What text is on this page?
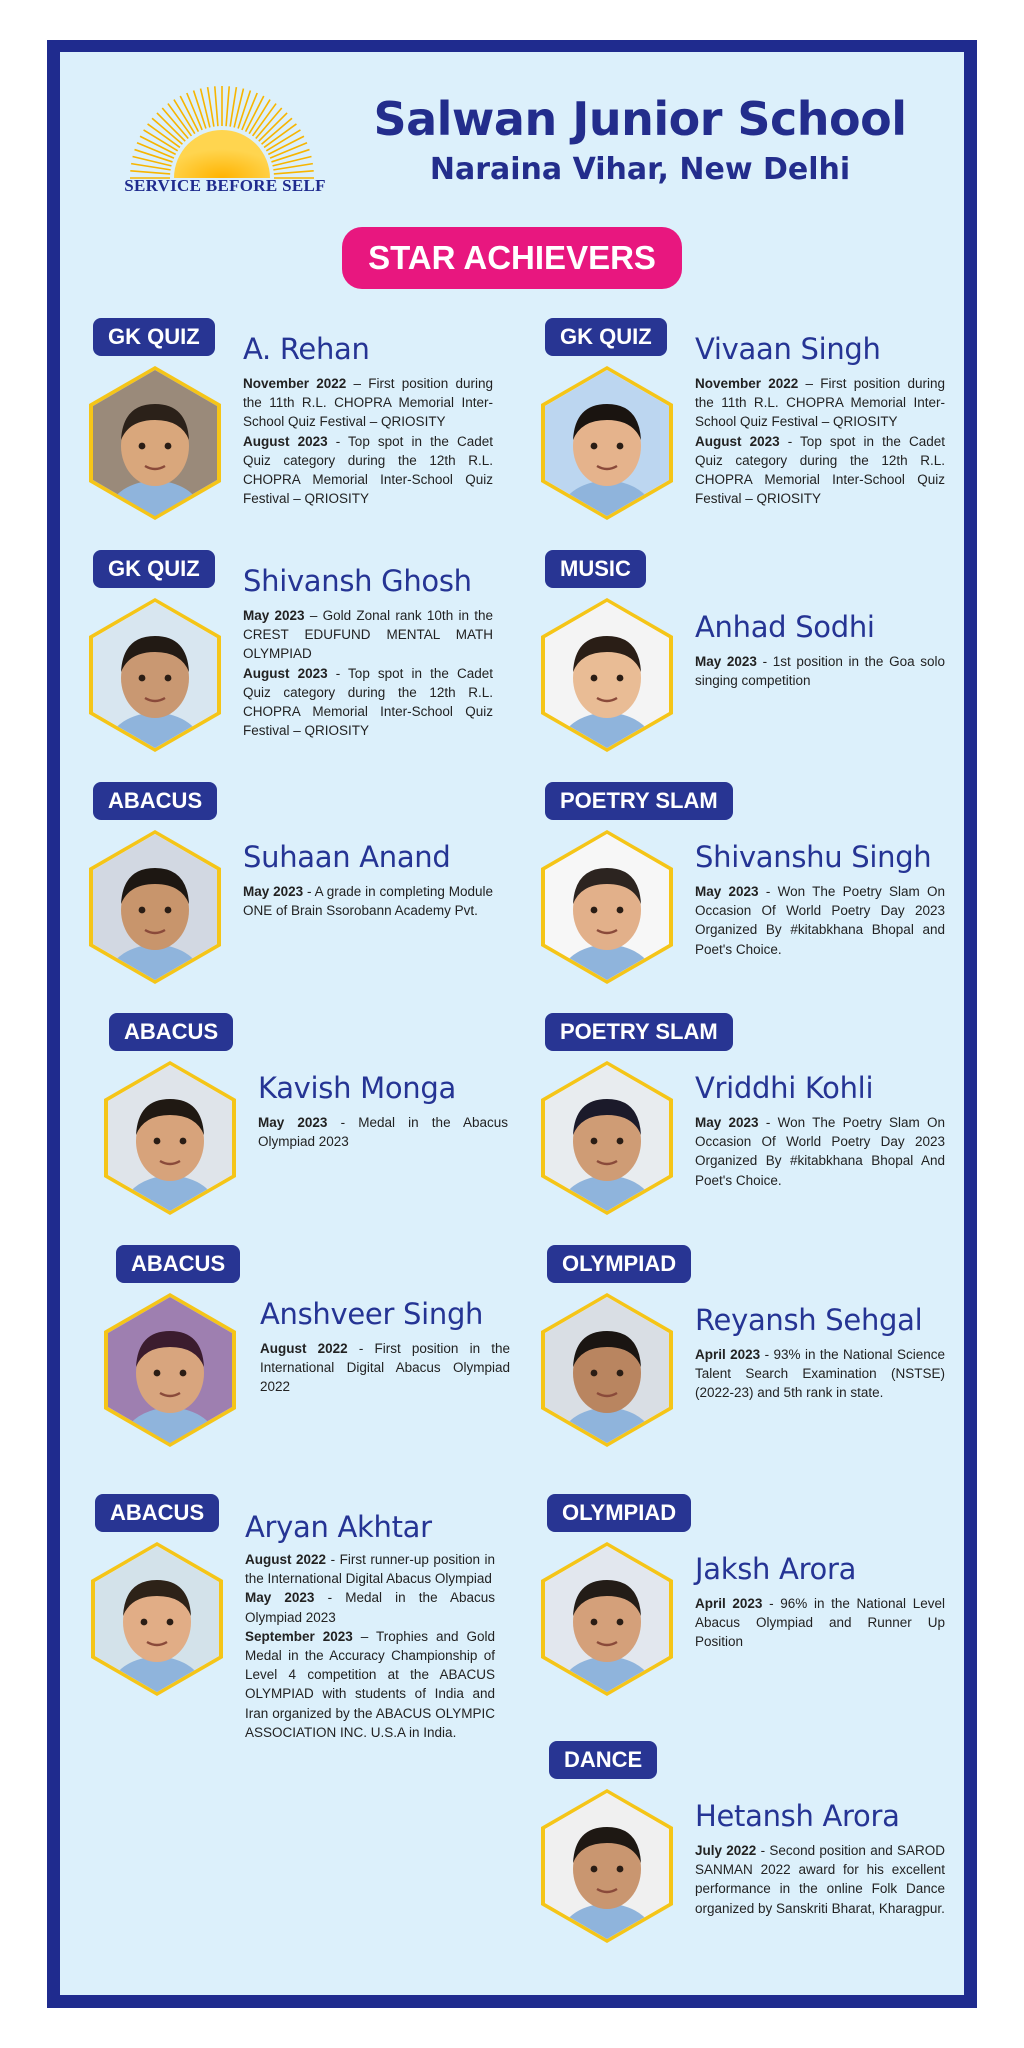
SERVICE BEFORE SELF
Salwan Junior School
Naraina Vihar, New Delhi
STAR ACHIEVERS
GK QUIZ	A. Rehan

November 2022 – First position during the 11th R.L. CHOPRA Memorial Inter-School Quiz Festival – QRIOSITY

August 2023 - Top spot in the Cadet Quiz category during the 12th R.L. CHOPRA Memorial Inter-School Quiz Festival – QRIOSITY

GK QUIZ	Vivaan Singh

November 2022 – First position during the 11th R.L. CHOPRA Memorial Inter-School Quiz Festival – QRIOSITY

August 2023 - Top spot in the Cadet Quiz category during the 12th R.L. CHOPRA Memorial Inter-School Quiz Festival – QRIOSITY

GK QUIZ	Shivansh Ghosh

May 2023 – Gold Zonal rank 10th in the CREST EDUFUND MENTAL MATH OLYMPIAD

August 2023 - Top spot in the Cadet Quiz category during the 12th R.L. CHOPRA Memorial Inter-School Quiz Festival – QRIOSITY

MUSIC
Anhad Sodhi

May 2023 - 1st position in the Goa solo singing competition

ABACUS
Suhaan Anand

May 2023 - A grade in completing Module ONE of Brain Ssorobann Academy Pvt.

POETRY SLAM
Shivanshu Singh

May 2023 - Won The Poetry Slam On Occasion Of World Poetry Day 2023 Organized By #kitabkhana Bhopal and Poet's Choice.

ABACUS
Kavish Monga

May 2023 - Medal in the Abacus Olympiad 2023

POETRY SLAM
Vriddhi Kohli

May 2023 - Won The Poetry Slam On Occasion Of World Poetry Day 2023 Organized By #kitabkhana Bhopal And Poet's Choice.

ABACUS
Anshveer Singh

August 2022 - First position in the International Digital Abacus Olympiad 2022

OLYMPIAD
Reyansh Sehgal

April 2023 - 93% in the National Science Talent Search Examination (NSTSE) (2022-23) and 5th rank in state.

ABACUS	Aryan Akhtar

August 2022 - First runner-up position in the International Digital Abacus Olympiad

May 2023 - Medal in the Abacus Olympiad 2023

September 2023 – Trophies and Gold Medal in the Accuracy Championship of Level 4 competition at the ABACUS OLYMPIAD with students of India and Iran organized by the ABACUS OLYMPIC ASSOCIATION INC. U.S.A in India.

OLYMPIAD
Jaksh Arora

April 2023 - 96% in the National Level Abacus Olympiad and Runner Up Position

DANCE
Hetansh Arora

July 2022 - Second position and SAROD SANMAN 2022 award for his excellent performance in the online Folk Dance organized by Sanskriti Bharat, Kharagpur.
